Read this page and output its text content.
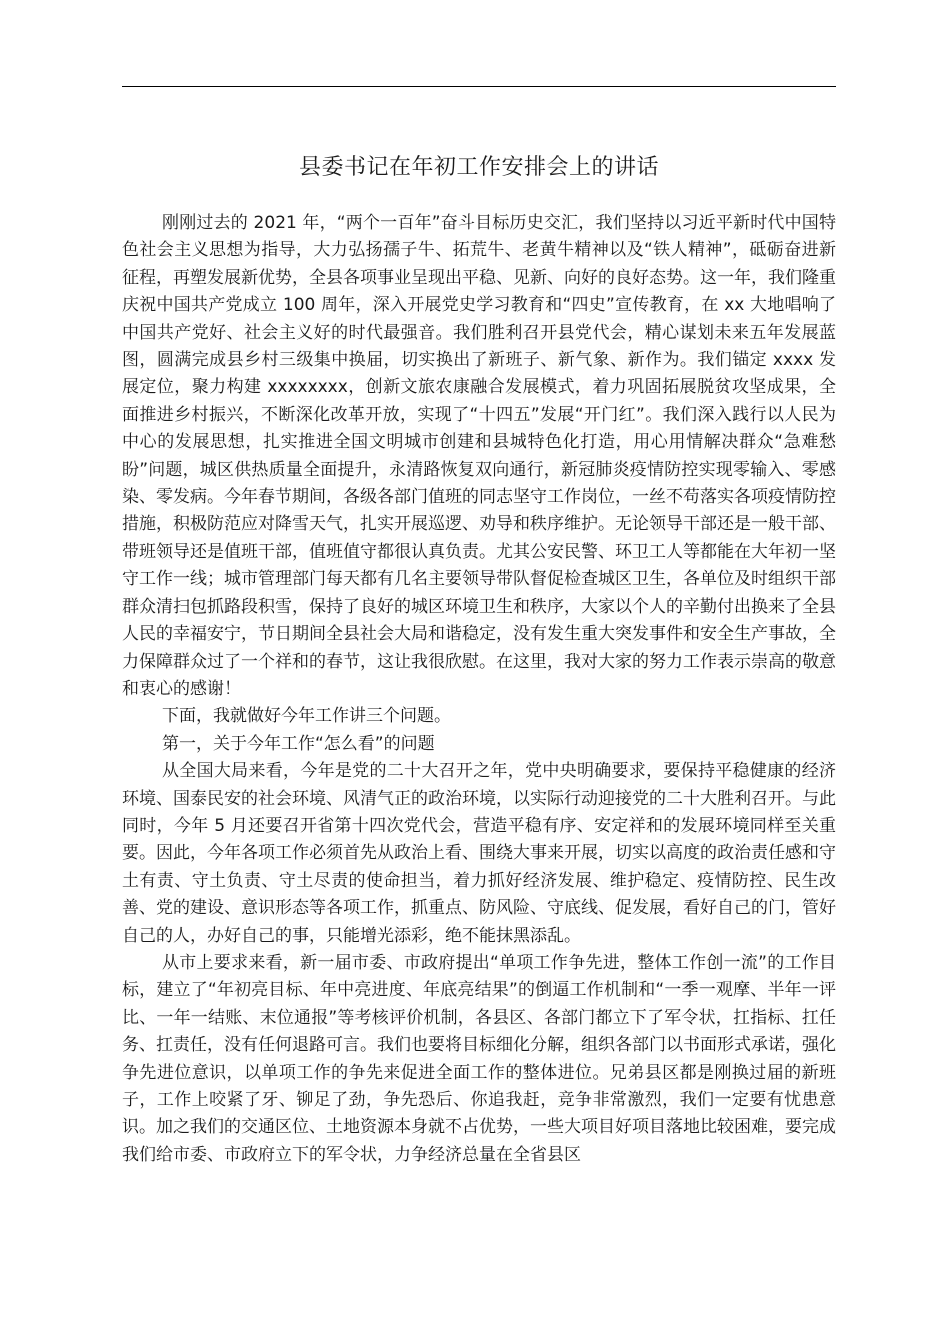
县委书记在年初工作安排会上的讲话

刚刚过去的 2021 年，“两个一百年”奋斗目标历史交汇，我们坚持以习近平新时代中国特色社会主义思想为指导，大力弘扬孺子牛、拓荒牛、老黄牛精神以及“铁人精神”，砥砺奋进新征程，再塑发展新优势，全县各项事业呈现出平稳、见新、向好的良好态势。这一年，我们隆重庆祝中国共产党成立 100 周年，深入开展党史学习教育和“四史”宣传教育，在 xx 大地唱响了中国共产党好、社会主义好的时代最强音。我们胜利召开县党代会，精心谋划未来五年发展蓝图，圆满完成县乡村三级集中换届，切实换出了新班子、新气象、新作为。我们锚定 xxxx 发展定位，聚力构建 xxxxxxxx，创新文旅农康融合发展模式，着力巩固拓展脱贫攻坚成果，全面推进乡村振兴，不断深化改革开放，实现了“十四五”发展“开门红”。我们深入践行以人民为中心的发展思想，扎实推进全国文明城市创建和县城特色化打造，用心用情解决群众“急难愁盼”问题，城区供热质量全面提升，永清路恢复双向通行，新冠肺炎疫情防控实现零输入、零感染、零发病。今年春节期间，各级各部门值班的同志坚守工作岗位，一丝不苟落实各项疫情防控措施，积极防范应对降雪天气，扎实开展巡逻、劝导和秩序维护。无论领导干部还是一般干部、带班领导还是值班干部，值班值守都很认真负责。尤其公安民警、环卫工人等都能在大年初一坚守工作一线；城市管理部门每天都有几名主要领导带队督促检查城区卫生，各单位及时组织干部群众清扫包抓路段积雪，保持了良好的城区环境卫生和秩序，大家以个人的辛勤付出换来了全县人民的幸福安宁，节日期间全县社会大局和谐稳定，没有发生重大突发事件和安全生产事故，全力保障群众过了一个祥和的春节，这让我很欣慰。在这里，我对大家的努力工作表示崇高的敬意和衷心的感谢！

下面，我就做好今年工作讲三个问题。

第一，关于今年工作“怎么看”的问题

从全国大局来看，今年是党的二十大召开之年，党中央明确要求，要保持平稳健康的经济环境、国泰民安的社会环境、风清气正的政治环境，以实际行动迎接党的二十大胜利召开。与此同时，今年 5 月还要召开省第十四次党代会，营造平稳有序、安定祥和的发展环境同样至关重要。因此，今年各项工作必须首先从政治上看、围绕大事来开展，切实以高度的政治责任感和守土有责、守土负责、守土尽责的使命担当，着力抓好经济发展、维护稳定、疫情防控、民生改善、党的建设、意识形态等各项工作，抓重点、防风险、守底线、促发展，看好自己的门，管好自己的人，办好自己的事，只能增光添彩，绝不能抹黑添乱。

从市上要求来看，新一届市委、市政府提出“单项工作争先进，整体工作创一流”的工作目标，建立了“年初亮目标、年中亮进度、年底亮结果”的倒逼工作机制和“一季一观摩、半年一评比、一年一结账、末位通报”等考核评价机制，各县区、各部门都立下了军令状，扛指标、扛任务、扛责任，没有任何退路可言。我们也要将目标细化分解，组织各部门以书面形式承诺，强化争先进位意识，以单项工作的争先来促进全面工作的整体进位。兄弟县区都是刚换过届的新班子，工作上咬紧了牙、铆足了劲，争先恐后、你追我赶，竞争非常激烈，我们一定要有忧患意识。加之我们的交通区位、土地资源本身就不占优势，一些大项目好项目落地比较困难，要完成我们给市委、市政府立下的军令状，力争经济总量在全省县区
